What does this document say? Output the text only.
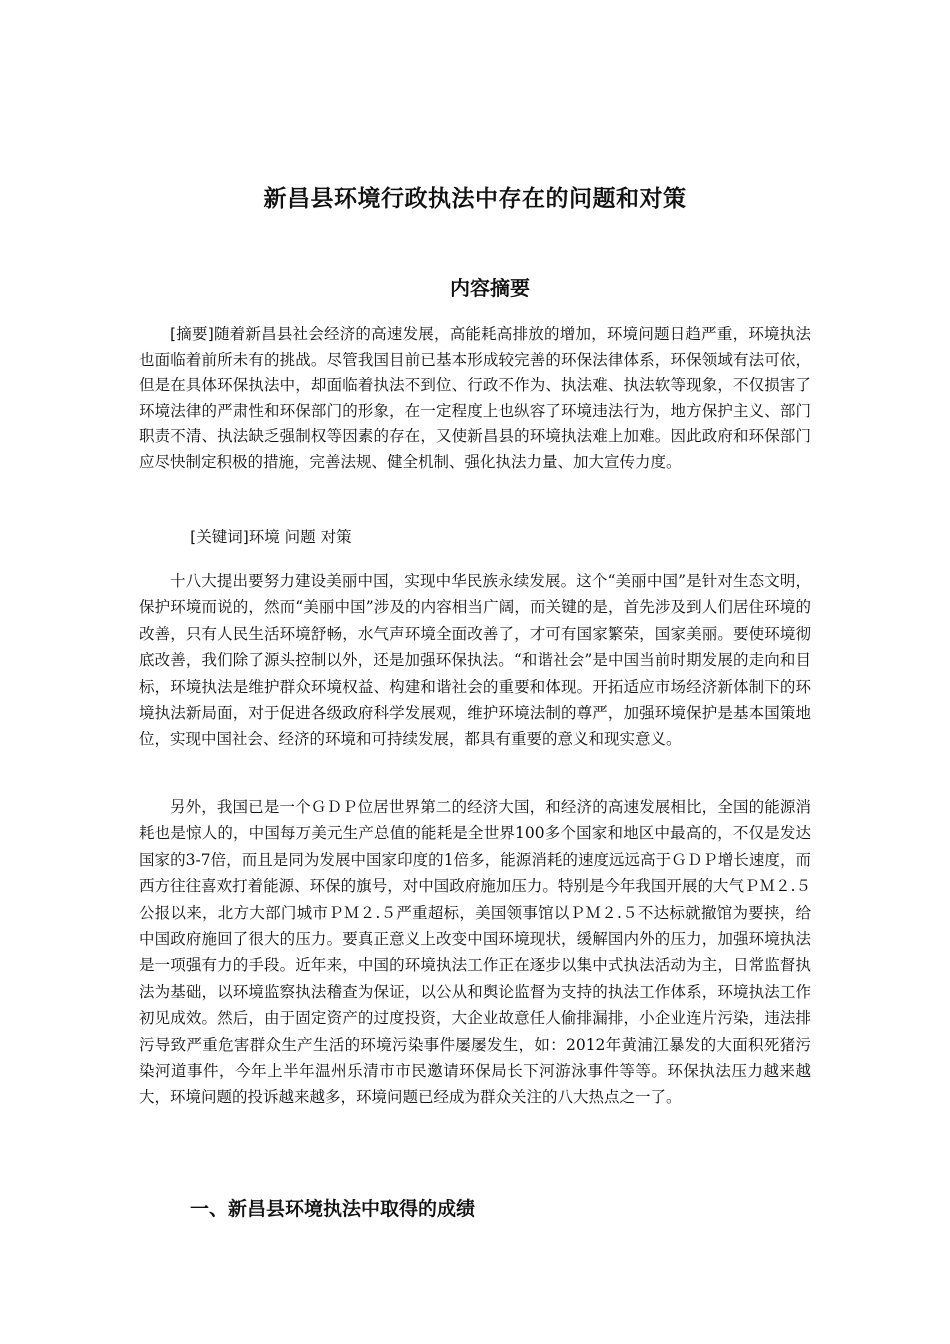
新昌县环境行政执法中存在的问题和对策
内容摘要

[摘要]随着新昌县社会经济的高速发展，高能耗高排放的增加，环境问题日趋严重，环境执法也面临着前所未有的挑战。尽管我国目前已基本形成较完善的环保法律体系，环保领域有法可依，但是在具体环保执法中，却面临着执法不到位、行政不作为、执法难、执法软等现象，不仅损害了环境法律的严肃性和环保部门的形象，在一定程度上也纵容了环境违法行为，地方保护主义、部门职责不清、执法缺乏强制权等因素的存在，又使新昌县的环境执法难上加难。因此政府和环保部门应尽快制定积极的措施，完善法规、健全机制、强化执法力量、加大宣传力度。

[关键词]环境 问题 对策

十八大提出要努力建设美丽中国，实现中华民族永续发展。这个“美丽中国”是针对生态文明，保护环境而说的，然而“美丽中国”涉及的内容相当广阔，而关键的是，首先涉及到人们居住环境的改善，只有人民生活环境舒畅，水气声环境全面改善了，才可有国家繁荣，国家美丽。要使环境彻底改善，我们除了源头控制以外，还是加强环保执法。“和谐社会”是中国当前时期发展的走向和目标，环境执法是维护群众环境权益、构建和谐社会的重要和体现。开拓适应市场经济新体制下的环境执法新局面，对于促进各级政府科学发展观，维护环境法制的尊严，加强环境保护是基本国策地位，实现中国社会、经济的环境和可持续发展，都具有重要的意义和现实意义。

另外，我国已是一个ＧＤＰ位居世界第二的经济大国，和经济的高速发展相比，全国的能源消耗也是惊人的，中国每万美元生产总值的能耗是全世界100多个国家和地区中最高的，不仅是发达国家的3-7倍，而且是同为发展中国家印度的1倍多，能源消耗的速度远远高于ＧＤＰ增长速度，而西方往往喜欢打着能源、环保的旗号，对中国政府施加压力。特别是今年我国开展的大气ＰＭ２.５公报以来，北方大部门城市ＰＭ２.５严重超标，美国领事馆以ＰＭ２.５不达标就撤馆为要挟，给中国政府施回了很大的压力。要真正意义上改变中国环境现状，缓解国内外的压力，加强环境执法是一项强有力的手段。近年来，中国的环境执法工作正在逐步以集中式执法活动为主，日常监督执法为基础，以环境监察执法稽查为保证，以公从和舆论监督为支持的执法工作体系，环境执法工作初见成效。然后，由于固定资产的过度投资，大企业故意任人偷排漏排，小企业连片污染，违法排污导致严重危害群众生产生活的环境污染事件屡屡发生，如：2012年黄浦江暴发的大面积死猪污染河道事件，今年上半年温州乐清市市民邀请环保局长下河游泳事件等等。环保执法压力越来越大，环境问题的投诉越来越多，环境问题已经成为群众关注的八大热点之一了。

一、新昌县环境执法中取得的成绩
